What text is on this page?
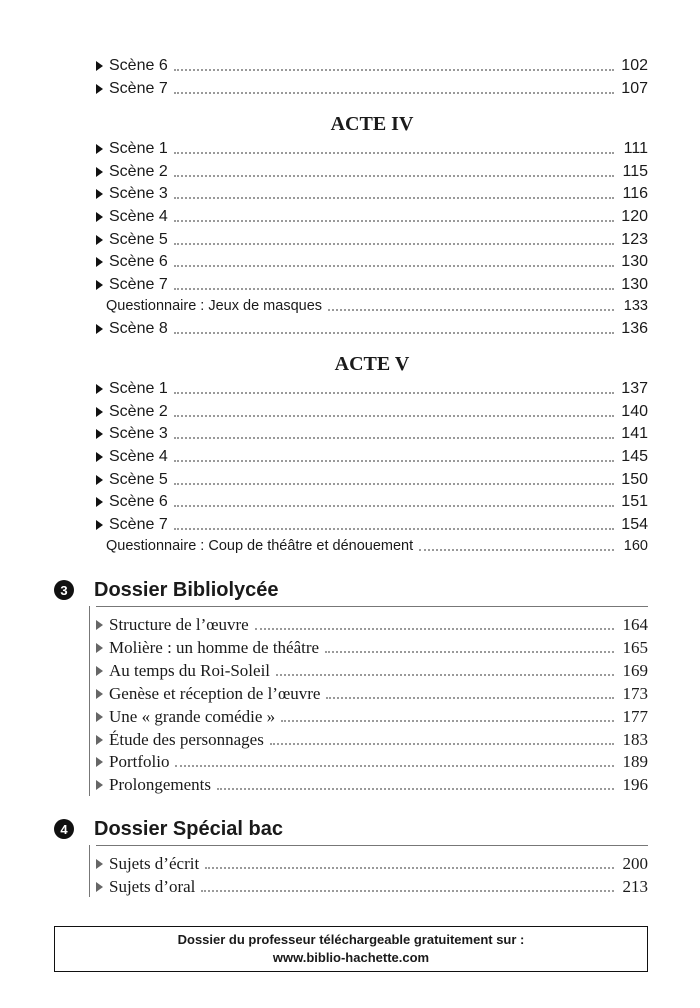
Scène 6	102
Scène 7	107
ACTE IV
Scène 1	111
Scène 2	115
Scène 3	116
Scène 4	120
Scène 5	123
Scène 6	130
Scène 7	130
Questionnaire : Jeux de masques	133
Scène 8	136
ACTE V
Scène 1	137
Scène 2	140
Scène 3	141
Scène 4	145
Scène 5	150
Scène 6	151
Scène 7	154
Questionnaire : Coup de théâtre et dénouement	160
3	Dossier Bibliolycée
Structure de l’œuvre	164
Molière : un homme de théâtre	165
Au temps du Roi-Soleil	169
Genèse et réception de l’œuvre	173
Une « grande comédie »	177
Étude des personnages	183
Portfolio	189
Prolongements	196
4	Dossier Spécial bac
Sujets d’écrit	200
Sujets d’oral	213
Dossier du professeur téléchargeable gratuitement sur :
www.biblio-hachette.com
